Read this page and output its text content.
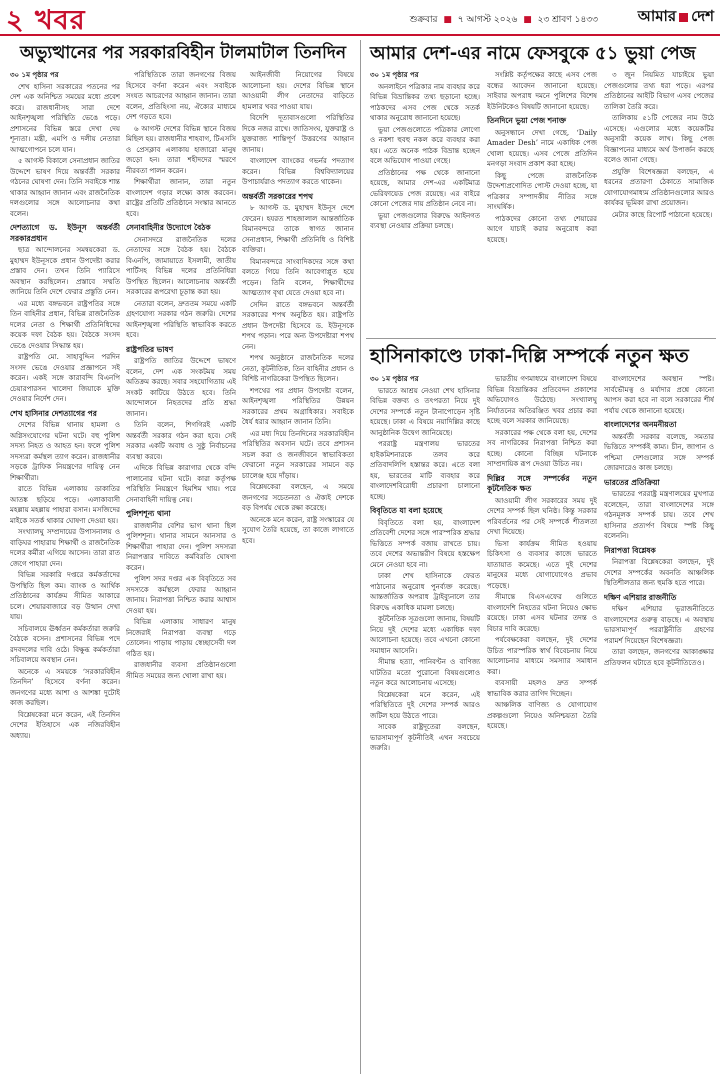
২ খবর	শুক্রবার ■ ৭ আগস্ট ২০২৬ ■ ২৩ শ্রাবণ ১৪৩৩	আমার দেশ
অভ্যুত্থানের পর সরকারবিহীন টালমাটাল তিনদিন আমার দেশ-এর নামে ফেসবুকে ৫১ ভুয়া পেজ
হাসিনাকাণ্ডে ঢাকা-দিল্লি সম্পর্কে নতুন ক্ষত

৩০ ১ম পৃষ্ঠার পর

শেখ হাসিনা সরকারের পতনের পর দেশ এক অনিশ্চিত সময়ের মধ্যে প্রবেশ করে। রাজধানীসহ সারা দেশে আইনশৃঙ্খলা পরিস্থিতি ভেঙে পড়ে। প্রশাসনের বিভিন্ন স্তরে দেখা দেয় শূন্যতা। মন্ত্রী, এমপি ও দলীয় নেতারা আত্মগোপনে চলে যান।

৫ আগস্ট বিকালে সেনাপ্রধান জাতির উদ্দেশে ভাষণ দিয়ে অন্তর্বর্তী সরকার গঠনের ঘোষণা দেন। তিনি সবাইকে শান্ত থাকার আহ্বান জানান এবং রাজনৈতিক দলগুলোর সঙ্গে আলোচনার কথা বলেন।

দেশত্যাগে ড. ইউনূস অন্তর্বর্তী সরকারপ্রধান

ছাত্র আন্দোলনের সমন্বয়কেরা ড. মুহাম্মদ ইউনূসকে প্রধান উপদেষ্টা করার প্রস্তাব দেন। তখন তিনি প্যারিসে অবস্থান করছিলেন। প্রস্তাবে সম্মতি জানিয়ে তিনি দেশে ফেরার প্রস্তুতি নেন।

এর মধ্যে বঙ্গভবনে রাষ্ট্রপতির সঙ্গে তিন বাহিনীর প্রধান, বিভিন্ন রাজনৈতিক দলের নেতা ও শিক্ষার্থী প্রতিনিধিদের কয়েক দফা বৈঠক হয়। বৈঠকে সংসদ ভেঙে দেওয়ার সিদ্ধান্ত হয়।

রাষ্ট্রপতি মো. সাহাবুদ্দিন পরদিন সংসদ ভেঙে দেওয়ার প্রজ্ঞাপনে সই করেন। একই সঙ্গে কারাবন্দি বিএনপি চেয়ারপারসন খালেদা জিয়াকে মুক্তি দেওয়ার নির্দেশ দেন।

শেখ হাসিনার দেশত্যাগের পর

দেশের বিভিন্ন থানায় হামলা ও অগ্নিসংযোগের ঘটনা ঘটে। বহু পুলিশ সদস্য নিহত ও আহত হন। ফলে পুলিশ সদস্যরা কর্মস্থল ত্যাগ করেন। রাজধানীর সড়কে ট্রাফিক নিয়ন্ত্রণের দায়িত্ব নেন শিক্ষার্থীরা।

রাতে বিভিন্ন এলাকায় ডাকাতির আতঙ্ক ছড়িয়ে পড়ে। এলাকাবাসী মহল্লায় মহল্লায় পাহারা বসান। মসজিদের মাইকে সতর্ক থাকার ঘোষণা দেওয়া হয়।

সংখ্যালঘু সম্প্রদায়ের উপাসনালয় ও বাড়িঘর পাহারায় শিক্ষার্থী ও রাজনৈতিক দলের কর্মীরা এগিয়ে আসেন। তারা রাত জেগে পাহারা দেন।

বিভিন্ন সরকারি দপ্তরে কর্মকর্তাদের উপস্থিতি ছিল কম। ব্যাংক ও আর্থিক প্রতিষ্ঠানের কার্যক্রম সীমিত আকারে চলে। শেয়ারবাজারে বড় উত্থান দেখা যায়।

সচিবালয়ে ঊর্ধ্বতন কর্মকর্তারা জরুরি বৈঠকে বসেন। প্রশাসনের বিভিন্ন পদে রদবদলের দাবি ওঠে। বিক্ষুব্ধ কর্মকর্তারা সচিবালয়ে অবস্থান নেন।

অনেকে এ সময়কে ‘সরকারবিহীন তিনদিন’ হিসেবে বর্ণনা করেন। জনগণের মধ্যে আশা ও আশঙ্কা দুটোই কাজ করছিল।

বিশ্লেষকেরা মনে করেন, এই তিনদিন দেশের ইতিহাসে এক নজিরবিহীন অধ্যায়।

পরিস্থিতিকে তারা জনগণের বিজয় হিসেবে বর্ণনা করেন এবং সবাইকে সংযত আচরণের আহ্বান জানান। তারা বলেন, প্রতিহিংসা নয়, ঐক্যের মাধ্যমে দেশ গড়তে হবে।

৬ আগস্ট দেশের বিভিন্ন স্থানে বিজয় মিছিল হয়। রাজধানীর শাহবাগ, টিএসসি ও প্রেসক্লাব এলাকায় হাজারো মানুষ জড়ো হন। তারা শহীদদের স্মরণে নীরবতা পালন করেন।

শিক্ষার্থীরা জানান, তারা নতুন বাংলাদেশ গড়ার লক্ষ্যে কাজ করবেন। রাষ্ট্রের প্রতিটি প্রতিষ্ঠানে সংস্কার আনতে হবে।

সেনাবাহিনীর উদ্যোগে বৈঠক

সেনাসদরে রাজনৈতিক দলের নেতাদের সঙ্গে বৈঠক হয়। বৈঠকে বিএনপি, জামায়াতে ইসলামী, জাতীয় পার্টিসহ বিভিন্ন দলের প্রতিনিধিরা উপস্থিত ছিলেন। আলোচনায় অন্তর্বর্তী সরকারের রূপরেখা চূড়ান্ত করা হয়।

নেতারা বলেন, দ্রুততম সময়ে একটি গ্রহণযোগ্য সরকার গঠন জরুরি। দেশের আইনশৃঙ্খলা পরিস্থিতি স্বাভাবিক করতে হবে।

রাষ্ট্রপতির ভাষণ

রাষ্ট্রপতি জাতির উদ্দেশে ভাষণে বলেন, দেশ এক সংকটময় সময় অতিক্রম করছে। সবার সহযোগিতায় এই সংকট কাটিয়ে উঠতে হবে। তিনি আন্দোলনে নিহতদের প্রতি শ্রদ্ধা জানান।

তিনি বলেন, শিগগিরই একটি অন্তর্বর্তী সরকার গঠন করা হবে। সেই সরকার একটি অবাধ ও সুষ্ঠু নির্বাচনের ব্যবস্থা করবে।

এদিকে বিভিন্ন কারাগার থেকে বন্দি পালানোর ঘটনা ঘটে। কারা কর্তৃপক্ষ পরিস্থিতি নিয়ন্ত্রণে হিমশিম খায়। পরে সেনাবাহিনী দায়িত্ব নেয়।

পুলিশশূন্য থানা

রাজধানীর বেশির ভাগ থানা ছিল পুলিশশূন্য। থানার সামনে আনসার ও শিক্ষার্থীরা পাহারা দেন। পুলিশ সদস্যরা নিরাপত্তার দাবিতে কর্মবিরতি ঘোষণা করেন।

পুলিশ সদর দপ্তর এক বিবৃতিতে সব সদস্যকে কর্মস্থলে ফেরার আহ্বান জানায়। নিরাপত্তা নিশ্চিত করার আশ্বাস দেওয়া হয়।

বিভিন্ন এলাকায় সাধারণ মানুষ নিজেরাই নিরাপত্তা ব্যবস্থা গড়ে তোলেন। পাড়ায় পাড়ায় স্বেচ্ছাসেবী দল গঠিত হয়।

রাজধানীর ব্যবসা প্রতিষ্ঠানগুলো সীমিত সময়ের জন্য খোলা রাখা হয়।

আইনজীবী নিয়োগের বিষয়ে আলোচনা হয়। দেশের বিভিন্ন স্থানে আওয়ামী লীগ নেতাদের বাড়িতে হামলার খবর পাওয়া যায়।

বিদেশি দূতাবাসগুলো পরিস্থিতির দিকে নজর রাখে। জাতিসংঘ, যুক্তরাষ্ট্র ও যুক্তরাজ্য শান্তিপূর্ণ উত্তরণের আহ্বান জানায়।

বাংলাদেশ ব্যাংকের গভর্নর পদত্যাগ করেন। বিভিন্ন বিশ্ববিদ্যালয়ের উপাচার্যরাও পদত্যাগ করতে থাকেন।

অন্তর্বর্তী সরকারের শপথ

৮ আগস্ট ড. মুহাম্মদ ইউনূস দেশে ফেরেন। হযরত শাহজালাল আন্তর্জাতিক বিমানবন্দরে তাকে স্বাগত জানান সেনাপ্রধান, শিক্ষার্থী প্রতিনিধি ও বিশিষ্ট ব্যক্তিরা।

বিমানবন্দরে সাংবাদিকদের সঙ্গে কথা বলতে গিয়ে তিনি আবেগাপ্লুত হয়ে পড়েন। তিনি বলেন, শিক্ষার্থীদের আত্মত্যাগ বৃথা যেতে দেওয়া হবে না।

সেদিন রাতে বঙ্গভবনে অন্তর্বর্তী সরকারের শপথ অনুষ্ঠিত হয়। রাষ্ট্রপতি প্রধান উপদেষ্টা হিসেবে ড. ইউনূসকে শপথ পড়ান। পরে অন্য উপদেষ্টারা শপথ নেন।

শপথ অনুষ্ঠানে রাজনৈতিক দলের নেতা, কূটনীতিক, তিন বাহিনীর প্রধান ও বিশিষ্ট নাগরিকেরা উপস্থিত ছিলেন।

শপথের পর প্রধান উপদেষ্টা বলেন, আইনশৃঙ্খলা পরিস্থিতির উন্নয়ন সরকারের প্রথম অগ্রাধিকার। সবাইকে ধৈর্য ধরার আহ্বান জানান তিনি।

এর মধ্য দিয়ে তিনদিনের সরকারবিহীন পরিস্থিতির অবসান ঘটে। তবে প্রশাসন সচল করা ও জনজীবনে স্বাভাবিকতা ফেরানো নতুন সরকারের সামনে বড় চ্যালেঞ্জ হয়ে দাঁড়ায়।

বিশ্লেষকেরা বলছেন, এ সময়ে জনগণের সচেতনতা ও ঐক্যই দেশকে বড় বিপর্যয় থেকে রক্ষা করেছে।

অনেকে মনে করেন, রাষ্ট্র সংস্কারের যে সুযোগ তৈরি হয়েছে, তা কাজে লাগাতে হবে।

৩০ ১ম পৃষ্ঠার পর

অনলাইনে পত্রিকার নাম ব্যবহার করে বিভিন্ন বিভ্রান্তিকর তথ্য ছড়ানো হচ্ছে। পাঠকদের এসব পেজ থেকে সতর্ক থাকার অনুরোধ জানানো হয়েছে।

ভুয়া পেজগুলোতে পত্রিকার লোগো ও নকশা হুবহু নকল করে ব্যবহার করা হয়। এতে অনেক পাঠক বিভ্রান্ত হচ্ছেন বলে অভিযোগ পাওয়া গেছে।

প্রতিষ্ঠানের পক্ষ থেকে জানানো হয়েছে, আমার দেশ-এর একটিমাত্র ভেরিফায়েড পেজ রয়েছে। এর বাইরে কোনো পেজের দায় প্রতিষ্ঠান নেবে না।

ভুয়া পেজগুলোর বিরুদ্ধে আইনগত ব্যবস্থা নেওয়ার প্রক্রিয়া চলছে।

সংশ্লিষ্ট কর্তৃপক্ষের কাছে এসব পেজ বন্ধের আবেদন জানানো হয়েছে। সাইবার অপরাধ দমনে পুলিশের বিশেষ ইউনিটকেও বিষয়টি জানানো হয়েছে।

তিনদিনে ভুয়া পেজ শনাক্ত

অনুসন্ধানে দেখা গেছে, ‘Daily Amader Desh’ নামে একাধিক পেজ খোলা হয়েছে। এসব পেজে প্রতিদিন মনগড়া সংবাদ প্রকাশ করা হচ্ছে।

কিছু পেজে রাজনৈতিক উদ্দেশ্যপ্রণোদিত পোস্ট দেওয়া হচ্ছে, যা পত্রিকার সম্পাদকীয় নীতির সঙ্গে সাংঘর্ষিক।

পাঠকদের কোনো তথ্য শেয়ারের আগে যাচাই করার অনুরোধ করা হয়েছে।

৩ জুন নিয়মিত যাচাইয়ে ভুয়া পেজগুলোর তথ্য ধরা পড়ে। এরপর প্রতিষ্ঠানের আইটি বিভাগ এসব পেজের তালিকা তৈরি করে।

তালিকায় ৫১টি পেজের নাম উঠে এসেছে। এগুলোর মধ্যে কয়েকটির অনুসারী কয়েক লাখ। কিছু পেজ বিজ্ঞাপনের মাধ্যমে অর্থ উপার্জন করছে বলেও জানা গেছে।

প্রযুক্তি বিশেষজ্ঞরা বলছেন, এ ধরনের প্রতারণা ঠেকাতে সামাজিক যোগাযোগমাধ্যম প্রতিষ্ঠানগুলোর আরও কার্যকর ভূমিকা রাখা প্রয়োজন।

মেটার কাছে রিপোর্ট পাঠানো হয়েছে।

৩০ ১ম পৃষ্ঠার পর

ভারতে আশ্রয় নেওয়া শেখ হাসিনার বিভিন্ন বক্তব্য ও তৎপরতা নিয়ে দুই দেশের সম্পর্কে নতুন টানাপোড়েন সৃষ্টি হয়েছে। ঢাকা এ বিষয়ে নয়াদিল্লির কাছে আনুষ্ঠানিক উদ্বেগ জানিয়েছে।

পররাষ্ট্র মন্ত্রণালয় ভারতের হাইকমিশনারকে তলব করে প্রতিবাদলিপি হস্তান্তর করে। এতে বলা হয়, ভারতের মাটি ব্যবহার করে বাংলাদেশবিরোধী প্রচারণা চালানো হচ্ছে।

বিবৃতিতে যা বলা হয়েছে

বিবৃতিতে বলা হয়, বাংলাদেশ প্রতিবেশী দেশের সঙ্গে পারস্পরিক শ্রদ্ধার ভিত্তিতে সম্পর্ক বজায় রাখতে চায়। তবে দেশের অভ্যন্তরীণ বিষয়ে হস্তক্ষেপ মেনে নেওয়া হবে না।

ঢাকা শেখ হাসিনাকে ফেরত পাঠানোর অনুরোধ পুনর্ব্যক্ত করেছে। আন্তর্জাতিক অপরাধ ট্রাইব্যুনালে তার বিরুদ্ধে একাধিক মামলা চলছে।

কূটনৈতিক সূত্রগুলো জানায়, বিষয়টি নিয়ে দুই দেশের মধ্যে একাধিক দফা আলোচনা হয়েছে। তবে এখনো কোনো সমাধান আসেনি।

সীমান্ত হত্যা, পানিবণ্টন ও বাণিজ্য ঘাটতির মতো পুরোনো বিষয়গুলোও নতুন করে আলোচনায় এসেছে।

বিশ্লেষকেরা মনে করেন, এই পরিস্থিতিতে দুই দেশের সম্পর্ক আরও জটিল হয়ে উঠতে পারে।

সাবেক রাষ্ট্রদূতেরা বলছেন, ভারসাম্যপূর্ণ কূটনীতিই এখন সবচেয়ে জরুরি।

ভারতীয় গণমাধ্যমে বাংলাদেশ বিষয়ে বিভিন্ন বিভ্রান্তিকর প্রতিবেদন প্রকাশের অভিযোগও উঠেছে। সংখ্যালঘু নির্যাতনের অতিরঞ্জিত খবর প্রচার করা হচ্ছে বলে সরকার জানিয়েছে।

সরকারের পক্ষ থেকে বলা হয়, দেশের সব নাগরিকের নিরাপত্তা নিশ্চিত করা হচ্ছে। কোনো বিচ্ছিন্ন ঘটনাকে সাম্প্রদায়িক রূপ দেওয়া উচিত নয়।

দিল্লির সঙ্গে সম্পর্কের নতুন কূটনৈতিক ক্ষত

আওয়ামী লীগ সরকারের সময় দুই দেশের সম্পর্ক ছিল ঘনিষ্ঠ। কিন্তু সরকার পরিবর্তনের পর সেই সম্পর্কে শীতলতা দেখা দিয়েছে।

ভিসা কার্যক্রম সীমিত হওয়ায় চিকিৎসা ও ব্যবসার কাজে ভারতে যাতায়াত কমেছে। এতে দুই দেশের মানুষের মধ্যে যোগাযোগেও প্রভাব পড়েছে।

সীমান্তে বিএসএফের গুলিতে বাংলাদেশি নিহতের ঘটনা নিয়েও ক্ষোভ রয়েছে। ঢাকা এসব ঘটনার তদন্ত ও বিচার দাবি করেছে।

পর্যবেক্ষকেরা বলছেন, দুই দেশের উচিত পারস্পরিক স্বার্থ বিবেচনায় নিয়ে আলোচনার মাধ্যমে সমস্যার সমাধান করা।

ব্যবসায়ী মহলও দ্রুত সম্পর্ক স্বাভাবিক করার তাগিদ দিচ্ছেন।

আঞ্চলিক বাণিজ্য ও যোগাযোগ প্রকল্পগুলো নিয়েও অনিশ্চয়তা তৈরি হয়েছে।

বাংলাদেশের অবস্থান স্পষ্ট। সার্বভৌমত্ব ও মর্যাদার প্রশ্নে কোনো আপস করা হবে না বলে সরকারের শীর্ষ পর্যায় থেকে জানানো হয়েছে।

বাংলাদেশের অনমনীয়তা

অন্তর্বর্তী সরকার বলেছে, সমতার ভিত্তিতে সম্পর্কই কাম্য। চীন, জাপান ও পশ্চিমা দেশগুলোর সঙ্গে সম্পর্ক জোরদারেও কাজ চলছে।

ভারতের প্রতিক্রিয়া

ভারতের পররাষ্ট্র মন্ত্রণালয়ের মুখপাত্র বলেছেন, তারা বাংলাদেশের সঙ্গে গঠনমূলক সম্পর্ক চায়। তবে শেখ হাসিনার প্রত্যর্পণ বিষয়ে স্পষ্ট কিছু বলেননি।

নিরাপত্তা বিশ্লেষক

নিরাপত্তা বিশ্লেষকেরা বলছেন, দুই দেশের সম্পর্কের অবনতি আঞ্চলিক স্থিতিশীলতার জন্য হুমকি হতে পারে।

দক্ষিণ এশিয়ার রাজনীতি

দক্ষিণ এশিয়ার ভূরাজনীতিতে বাংলাদেশের গুরুত্ব বাড়ছে। এ অবস্থায় ভারসাম্যপূর্ণ পররাষ্ট্রনীতি গ্রহণের পরামর্শ দিয়েছেন বিশেষজ্ঞরা।

তারা বলছেন, জনগণের আকাঙ্ক্ষার প্রতিফলন ঘটাতে হবে কূটনীতিতেও।
